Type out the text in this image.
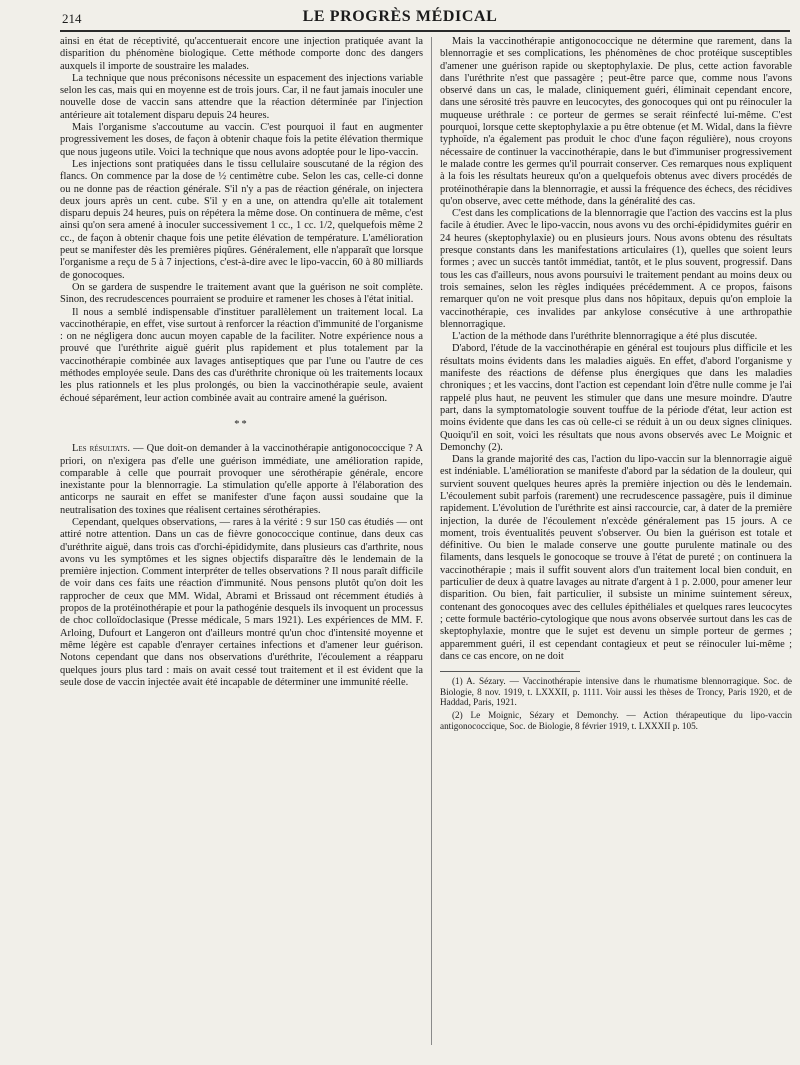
214	LE PROGRÈS MÉDICAL

ainsi en état de réceptivité, qu'accentuerait encore une injection pratiquée avant la disparition du phénomène biologique. Cette méthode comporte donc des dangers auxquels il importe de soustraire les malades.

La technique que nous préconisons nécessite un espacement des injections variable selon les cas, mais qui en moyenne est de trois jours. Car, il ne faut jamais inoculer une nouvelle dose de vaccin sans attendre que la réaction déterminée par l'injection antérieure ait totalement disparu depuis 24 heures.

Mais l'organisme s'accoutume au vaccin. C'est pourquoi il faut en augmenter progressivement les doses, de façon à obtenir chaque fois la petite élévation thermique que nous jugeons utile. Voici la technique que nous avons adoptée pour le lipo-vaccin.

Les injections sont pratiquées dans le tissu cellulaire souscutané de la région des flancs. On commence par la dose de ½ centimètre cube. Selon les cas, celle-ci donne ou ne donne pas de réaction générale. S'il n'y a pas de réaction générale, on injectera deux jours après un cent. cube. S'il y en a une, on attendra qu'elle ait totalement disparu depuis 24 heures, puis on répétera la même dose. On continuera de même, c'est ainsi qu'on sera amené à inoculer successivement 1 cc., 1 cc. 1/2, quelquefois même 2 cc., de façon à obtenir chaque fois une petite élévation de température. L'amélioration peut se manifester dès les premières piqûres. Généralement, elle n'apparaît que lorsque l'organisme a reçu de 5 à 7 injections, c'est-à-dire avec le lipo-vaccin, 60 à 80 milliards de gonocoques.

On se gardera de suspendre le traitement avant que la guérison ne soit complète. Sinon, des recrudescences pourraient se produire et ramener les choses à l'état initial.

Il nous a semblé indispensable d'instituer parallèlement un traitement local. La vaccinothérapie, en effet, vise surtout à renforcer la réaction d'immunité de l'organisme : on ne négligera donc aucun moyen capable de la faciliter. Notre expérience nous a prouvé que l'uréthrite aiguë guérit plus rapidement et plus totalement par la vaccinothérapie combinée aux lavages antiseptiques que par l'une ou l'autre de ces méthodes employée seule. Dans des cas d'uréthrite chronique où les traitements locaux les plus rationnels et les plus prolongés, ou bien la vaccinothérapie seule, avaient échoué séparément, leur action combinée avait au contraire amené la guérison.

**

Les résultats. — Que doit-on demander à la vaccinothérapie antigonococcique ? A priori, on n'exigera pas d'elle une guérison immédiate, une amélioration rapide, comparable à celle que pourrait provoquer une sérothérapie générale, encore inexistante pour la blennorragie. La stimulation qu'elle apporte à l'élaboration des anticorps ne saurait en effet se manifester d'une façon aussi soudaine que la neutralisation des toxines que réalisent certaines sérothérapies.

Cependant, quelques observations, — rares à la vérité : 9 sur 150 cas étudiés — ont attiré notre attention. Dans un cas de fièvre gonococcique continue, dans deux cas d'uréthrite aiguë, dans trois cas d'orchi-épididymite, dans plusieurs cas d'arthrite, nous avons vu les symptômes et les signes objectifs disparaître dès le lendemain de la première injection. Comment interpréter de telles observations ? Il nous paraît difficile de voir dans ces faits une réaction d'immunité. Nous pensons plutôt qu'on doit les rapprocher de ceux que MM. Widal, Abrami et Brissaud ont récemment étudiés à propos de la protéinothérapie et pour la pathogénie desquels ils invoquent un processus de choc colloïdoclasique (Presse médicale, 5 mars 1921). Les expériences de MM. F. Arloing, Dufourt et Langeron ont d'ailleurs montré qu'un choc d'intensité moyenne et même légère est capable d'enrayer certaines infections et d'amener leur guérison. Notons cependant que dans nos observations d'uréthrite, l'écoulement a réapparu quelques jours plus tard : mais on avait cessé tout traitement et il est évident que la seule dose de vaccin injectée avait été incapable de déterminer une immunité réelle.

Mais la vaccinothérapie antigonococcique ne détermine que rarement, dans la blennorragie et ses complications, les phénomènes de choc protéique susceptibles d'amener une guérison rapide ou skeptophylaxie. De plus, cette action favorable dans l'uréthrite n'est que passagère ; peut-être parce que, comme nous l'avons observé dans un cas, le malade, cliniquement guéri, éliminait cependant encore, dans une sérosité très pauvre en leucocytes, des gonocoques qui ont pu réinoculer la muqueuse uréthrale : ce porteur de germes se serait réinfecté lui-même. C'est pourquoi, lorsque cette skeptophylaxie a pu être obtenue (et M. Widal, dans la fièvre typhoïde, n'a également pas produit le choc d'une façon régulière), nous croyons nécessaire de continuer la vaccinothérapie, dans le but d'immuniser progressivement le malade contre les germes qu'il pourrait conserver. Ces remarques nous expliquent à la fois les résultats heureux qu'on a quelquefois obtenus avec divers procédés de protéinothérapie dans la blennorragie, et aussi la fréquence des échecs, des récidives qu'on observe, avec cette méthode, dans la généralité des cas.

C'est dans les complications de la blennorragie que l'action des vaccins est la plus facile à étudier. Avec le lipo-vaccin, nous avons vu des orchi-épididymites guérir en 24 heures (skeptophylaxie) ou en plusieurs jours. Nous avons obtenu des résultats presque constants dans les manifestations articulaires (1), quelles que soient leurs formes ; avec un succès tantôt immédiat, tantôt, et le plus souvent, progressif. Dans tous les cas d'ailleurs, nous avons poursuivi le traitement pendant au moins deux ou trois semaines, selon les règles indiquées précédemment. A ce propos, faisons remarquer qu'on ne voit presque plus dans nos hôpitaux, depuis qu'on emploie la vaccinothérapie, ces invalides par ankylose consécutive à une arthropathie blennorragique.

L'action de la méthode dans l'uréthrite blennorragique a été plus discutée.

D'abord, l'étude de la vaccinothérapie en général est toujours plus difficile et les résultats moins évidents dans les maladies aiguës. En effet, d'abord l'organisme y manifeste des réactions de défense plus énergiques que dans les maladies chroniques ; et les vaccins, dont l'action est cependant loin d'être nulle comme je l'ai rappelé plus haut, ne peuvent les stimuler que dans une mesure moindre. D'autre part, dans la symptomatologie souvent touffue de la période d'état, leur action est moins évidente que dans les cas où celle-ci se réduit à un ou deux signes cliniques. Quoiqu'il en soit, voici les résultats que nous avons observés avec Le Moignic et Demonchy (2).

Dans la grande majorité des cas, l'action du lipo-vaccin sur la blennorragie aiguë est indéniable. L'amélioration se manifeste d'abord par la sédation de la douleur, qui survient souvent quelques heures après la première injection ou dès le lendemain. L'écoulement subit parfois (rarement) une recrudescence passagère, puis il diminue rapidement. L'évolution de l'uréthrite est ainsi raccourcie, car, à dater de la première injection, la durée de l'écoulement n'excède généralement pas 15 jours. A ce moment, trois éventualités peuvent s'observer. Ou bien la guérison est totale et définitive. Ou bien le malade conserve une goutte purulente matinale ou des filaments, dans lesquels le gonocoque se trouve à l'état de pureté ; on continuera la vaccinothérapie ; mais il suffit souvent alors d'un traitement local bien conduit, en particulier de deux à quatre lavages au nitrate d'argent à 1 p. 2.000, pour amener leur disparition. Ou bien, fait particulier, il subsiste un minime suintement séreux, contenant des gonocoques avec des cellules épithéliales et quelques rares leucocytes ; cette formule bactério-cytologique que nous avons observée surtout dans les cas de skeptophylaxie, montre que le sujet est devenu un simple porteur de germes ; apparemment guéri, il est cependant contagieux et peut se réinoculer lui-même ; dans ce cas encore, on ne doit

(1) A. Sézary. — Vaccinothérapie intensive dans le rhumatisme blennorragique. Soc. de Biologie, 8 nov. 1919, t. LXXXII, p. 1111. Voir aussi les thèses de Troncy, Paris 1920, et de Haddad, Paris, 1921.

(2) Le Moignic, Sézary et Demonchy. — Action thérapeutique du lipo-vaccin antigonococcique, Soc. de Biologie, 8 février 1919, t. LXXXII p. 105.
